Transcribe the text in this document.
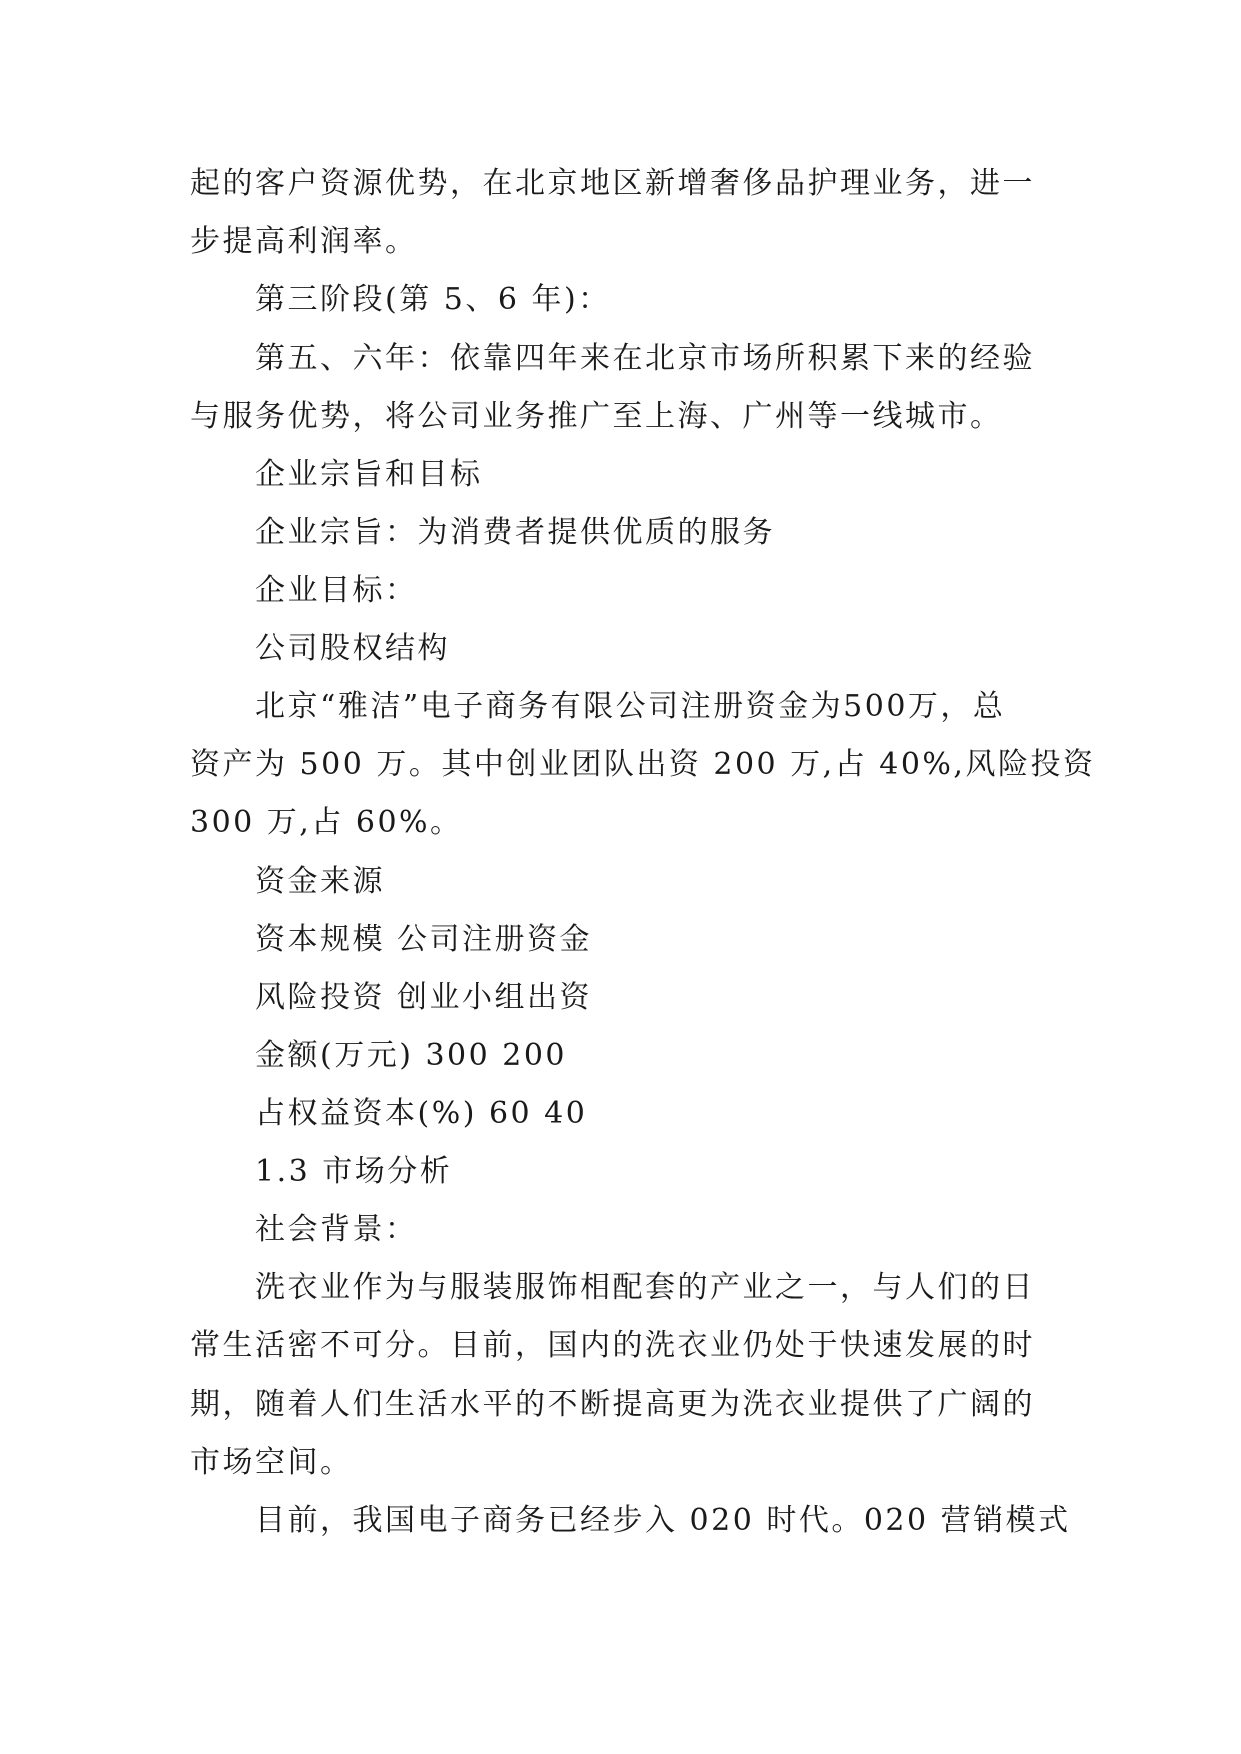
起的客户资源优势，在北京地区新增奢侈品护理业务，进一

步提高利润率。

第三阶段(第 5、6 年)：

第五、六年：依靠四年来在北京市场所积累下来的经验

与服务优势，将公司业务推广至上海、广州等一线城市。

企业宗旨和目标

企业宗旨：为消费者提供优质的服务

企业目标：

公司股权结构

北京“雅洁”电子商务有限公司注册资金为500万，总

资产为 500 万。其中创业团队出资 200 万,占 40%,风险投资

300 万,占 60%。

资金来源

资本规模 公司注册资金

风险投资 创业小组出资

金额(万元) 300 200

占权益资本(%) 60 40

1.3 市场分析

社会背景：

洗衣业作为与服装服饰相配套的产业之一，与人们的日

常生活密不可分。目前，国内的洗衣业仍处于快速发展的时

期，随着人们生活水平的不断提高更为洗衣业提供了广阔的

市场空间。

目前，我国电子商务已经步入 020 时代。020 营销模式
